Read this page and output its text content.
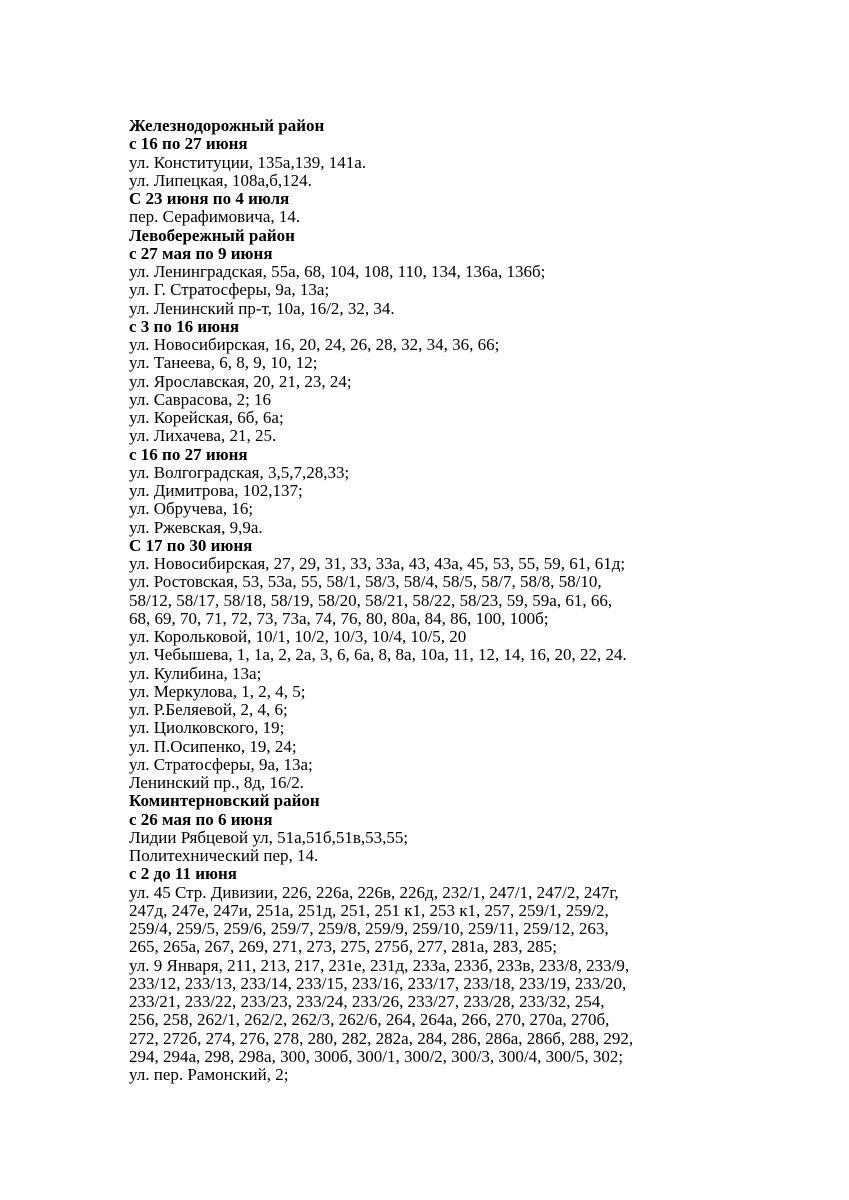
Железнодорожный район
с 16 по 27 июня
ул. Конституции, 135а,139, 141а.
ул. Липецкая, 108а,б,124.
С 23 июня по 4 июля
пер. Серафимовича, 14.
Левобережный район
с 27 мая по 9 июня
ул. Ленинградская, 55а, 68, 104, 108, 110, 134, 136а, 136б;
ул. Г. Стратосферы, 9а, 13а;
ул. Ленинский пр-т, 10а, 16/2, 32, 34.
с 3 по 16 июня
ул. Новосибирская, 16, 20, 24, 26, 28, 32, 34, 36, 66;
ул. Танеева, 6, 8, 9, 10, 12;
ул. Ярославская, 20, 21, 23, 24;
ул. Саврасова, 2; 16
ул. Корейская, 6б, 6а;
ул. Лихачева, 21, 25.
с 16 по 27 июня
ул. Волгоградская, 3,5,7,28,33;
ул. Димитрова, 102,137;
ул. Обручева, 16;
ул. Ржевская, 9,9а.
С 17 по 30 июня
ул. Новосибирская, 27, 29, 31, 33, 33а, 43, 43а, 45, 53, 55, 59, 61, 61д;
ул. Ростовская, 53, 53а, 55, 58/1, 58/3, 58/4, 58/5, 58/7, 58/8, 58/10,
58/12, 58/17, 58/18, 58/19, 58/20, 58/21, 58/22, 58/23, 59, 59а, 61, 66,
68, 69, 70, 71, 72, 73, 73а, 74, 76, 80, 80а, 84, 86, 100, 100б;
ул. Корольковой, 10/1, 10/2, 10/3, 10/4, 10/5, 20
ул. Чебышева, 1, 1а, 2, 2а, 3, 6, 6а, 8, 8а, 10а, 11, 12, 14, 16, 20, 22, 24.
ул. Кулибина, 13а;
ул. Меркулова, 1, 2, 4, 5;
ул. Р.Беляевой, 2, 4, 6;
ул. Циолковского, 19;
ул. П.Осипенко, 19, 24;
ул. Стратосферы, 9а, 13а;
Ленинский пр., 8д, 16/2.
Коминтерновский район
с 26 мая по 6 июня
Лидии Рябцевой ул, 51а,51б,51в,53,55;
Политехнический пер, 14.
с 2 до 11 июня
ул. 45 Стр. Дивизии, 226, 226а, 226в, 226д, 232/1, 247/1, 247/2, 247г,
247д, 247е, 247и, 251а, 251д, 251, 251 к1, 253 к1, 257, 259/1, 259/2,
259/4, 259/5, 259/6, 259/7, 259/8, 259/9, 259/10, 259/11, 259/12, 263,
265, 265а, 267, 269, 271, 273, 275, 275б, 277, 281а, 283, 285;
ул. 9 Января, 211, 213, 217, 231е, 231д, 233а, 233б, 233в, 233/8, 233/9,
233/12, 233/13, 233/14, 233/15, 233/16, 233/17, 233/18, 233/19, 233/20,
233/21, 233/22, 233/23, 233/24, 233/26, 233/27, 233/28, 233/32, 254,
256, 258, 262/1, 262/2, 262/3, 262/6, 264, 264а, 266, 270, 270а, 270б,
272, 272б, 274, 276, 278, 280, 282, 282а, 284, 286, 286а, 286б, 288, 292,
294, 294а, 298, 298а, 300, 300б, 300/1, 300/2, 300/3, 300/4, 300/5, 302;
ул. пер. Рамонский, 2;
